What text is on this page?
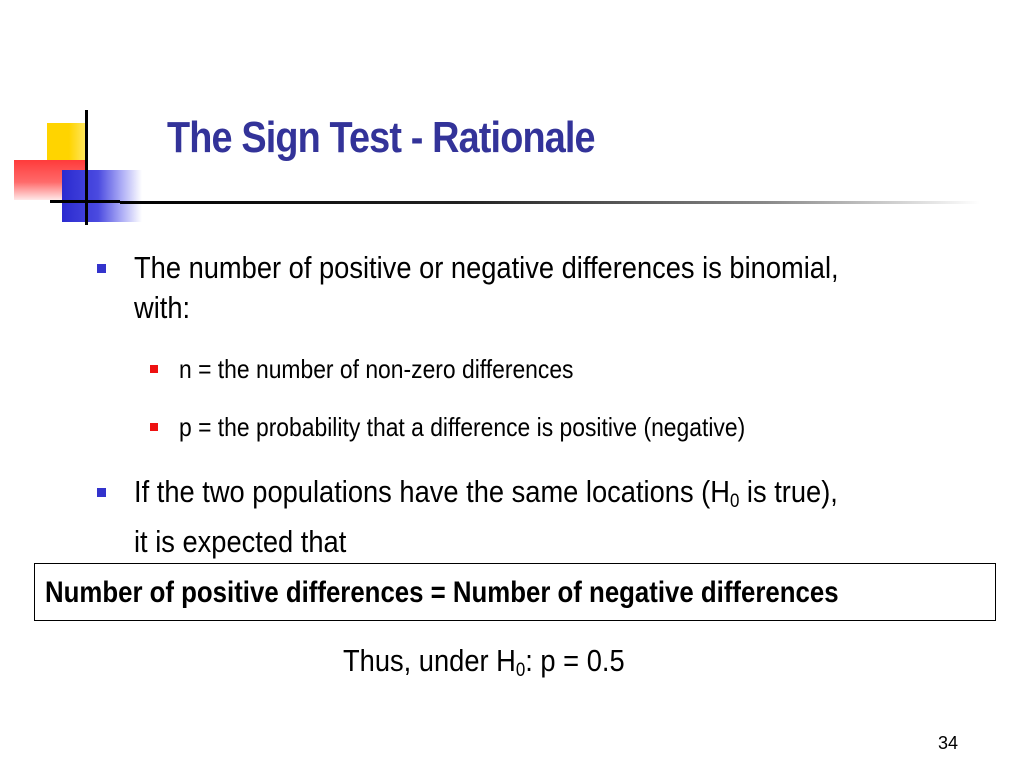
The Sign Test - Rationale
The number of positive or negative differences is binomial,
with:
n = the number of non-zero differences
p = the probability that a difference is positive (negative)
If the two populations have the same locations ($H_0$ is true),
it is expected that
Number of positive differences = Number of negative differences
Thus, under $H_0$: p = 0.5
34
